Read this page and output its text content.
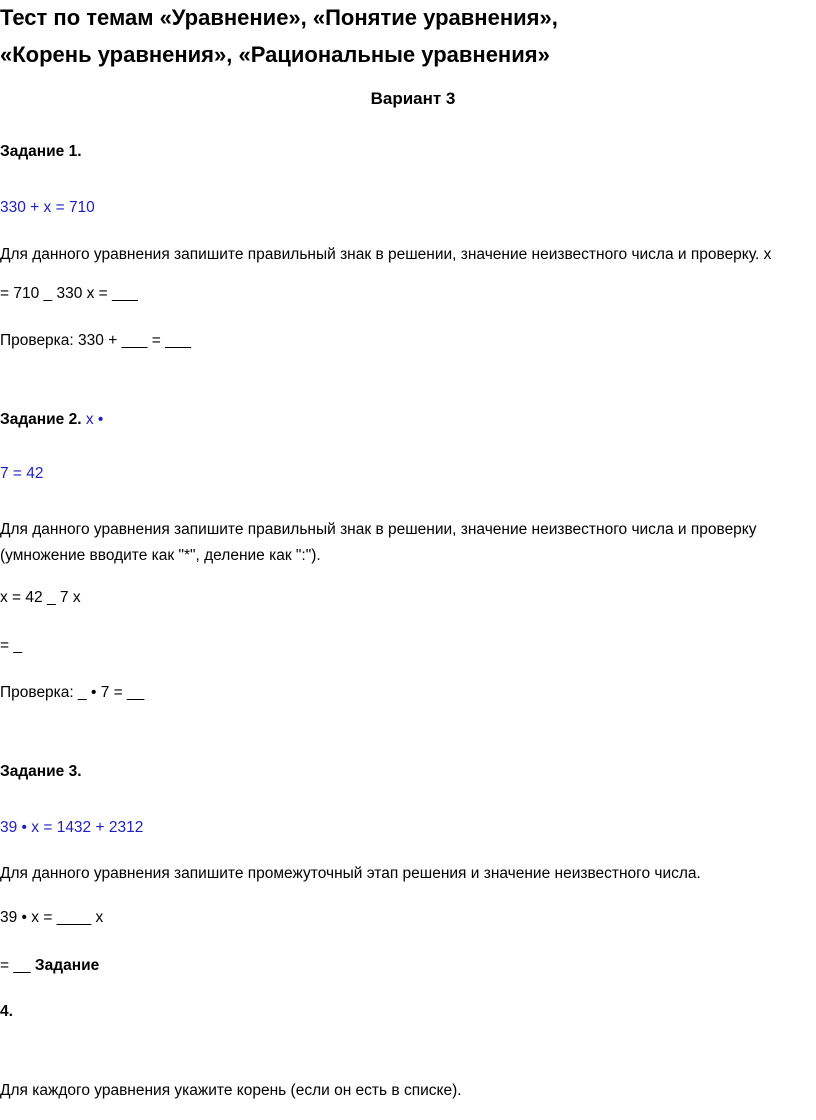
Тест по темам «Уравнение», «Понятие уравнения»,
«Корень уравнения», «Рациональные уравнения»
Вариант 3
Задание 1.
330 + x = 710
Для данного уравнения запишите правильный знак в решении, значение неизвестного числа и проверку. x
= 710 _ 330 x = ___
Проверка: 330 + ___ = ___
Задание 2. x •
7 = 42
Для данного уравнения запишите правильный знак в решении, значение неизвестного числа и проверку
(умножение вводите как "*", деление как ":").
x = 42 _ 7 x
= _
Проверка: _ • 7 = __
Задание 3.
39 • x = 1432 + 2312
Для данного уравнения запишите промежуточный этап решения и значение неизвестного числа.
39 • x = ____ x
= __ Задание
4.
Для каждого уравнения укажите корень (если он есть в списке).
